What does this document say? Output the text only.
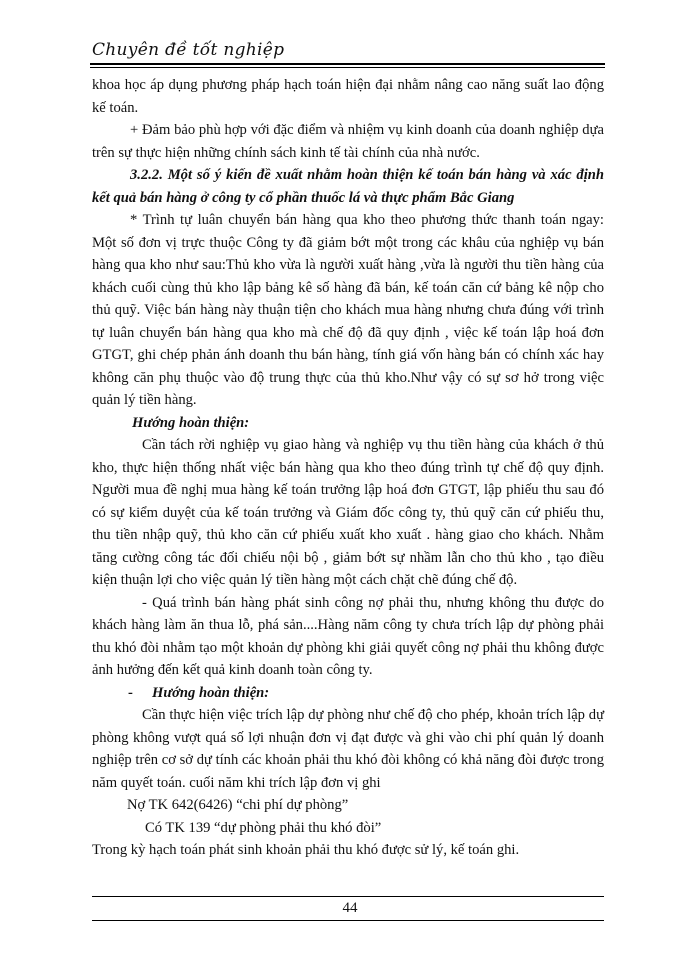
Chuyên đề tốt nghiệp

khoa học áp dụng phương pháp hạch toán hiện đại nhằm nâng cao năng suất lao động kế toán.

+ Đảm bảo phù hợp với đặc điểm và nhiệm vụ kinh doanh của doanh nghiệp dựa trên sự thực hiện những chính sách kinh tế tài chính của nhà nước.

3.2.2. Một số ý kiến đề xuất nhằm hoàn thiện kế toán bán hàng và xác định kết quả bán hàng ở công ty cổ phần thuốc lá và thực phẩm Bắc Giang

* Trình tự luân chuyển bán hàng qua kho theo phương thức thanh toán ngay: Một số đơn vị trực thuộc Công ty đã giảm bớt một trong các khâu của nghiệp vụ bán hàng qua kho như sau:Thủ kho vừa là người xuất hàng ,vừa là người thu tiền hàng của khách cuối cùng thủ kho lập bảng kê số hàng đã bán, kế toán căn cứ bảng kê nộp cho thủ quỹ. Việc bán hàng này thuận tiện cho khách mua hàng nhưng chưa đúng với trình tự luân chuyển bán hàng qua kho mà chế độ đã quy định , việc kế toán lập hoá đơn GTGT, ghi chép phản ánh doanh thu bán hàng, tính giá vốn hàng bán có chính xác hay không căn phụ thuộc vào độ trung thực của thủ kho.Như vậy có sự sơ hở trong việc quản lý tiền hàng.

Hướng hoàn thiện:

Cần tách rời nghiệp vụ giao hàng và nghiệp vụ thu tiền hàng của khách ở thủ kho, thực hiện thống nhất việc bán hàng qua kho theo đúng trình tự chế độ quy định. Người mua đề nghị mua hàng kế toán trưởng lập hoá đơn GTGT, lập phiếu thu sau đó có sự kiểm duyệt của kế toán trưởng và Giám đốc công ty, thủ quỹ căn cứ phiếu thu, thu tiền nhập quỹ, thủ kho căn cứ phiếu xuất kho xuất . hàng giao cho khách. Nhằm tăng cường công tác đối chiếu nội bộ , giảm bớt sự nhầm lẫn cho thủ kho , tạo điều kiện thuận lợi cho việc quản lý tiền hàng một cách chặt chẽ đúng chế độ.

- Quá trình bán hàng phát sinh công nợ phải thu, nhưng không thu được do khách hàng làm ăn thua lỗ, phá sản....Hàng năm công ty chưa trích lập dự phòng phải thu khó đòi nhằm tạo một khoản dự phòng khi giải quyết công nợ phải thu không được ảnh hưởng đến kết quả kinh doanh toàn công ty.

- Hướng hoàn thiện:

Cần thực hiện việc trích lập dự phòng như chế độ cho phép, khoản trích lập dự phòng không vượt quá số lợi nhuận đơn vị đạt được và ghi vào chi phí quản lý doanh nghiệp trên cơ sở dự tính các khoản phải thu khó đòi không có khả năng đòi được trong năm quyết toán. cuối năm khi trích lập đơn vị ghi

Nợ TK 642(6426) “chi phí dự phòng”

Có TK 139 “dự phòng phải thu khó đòi”

Trong kỳ hạch toán phát sinh khoản phải thu khó được sử lý, kế toán ghi.

44
